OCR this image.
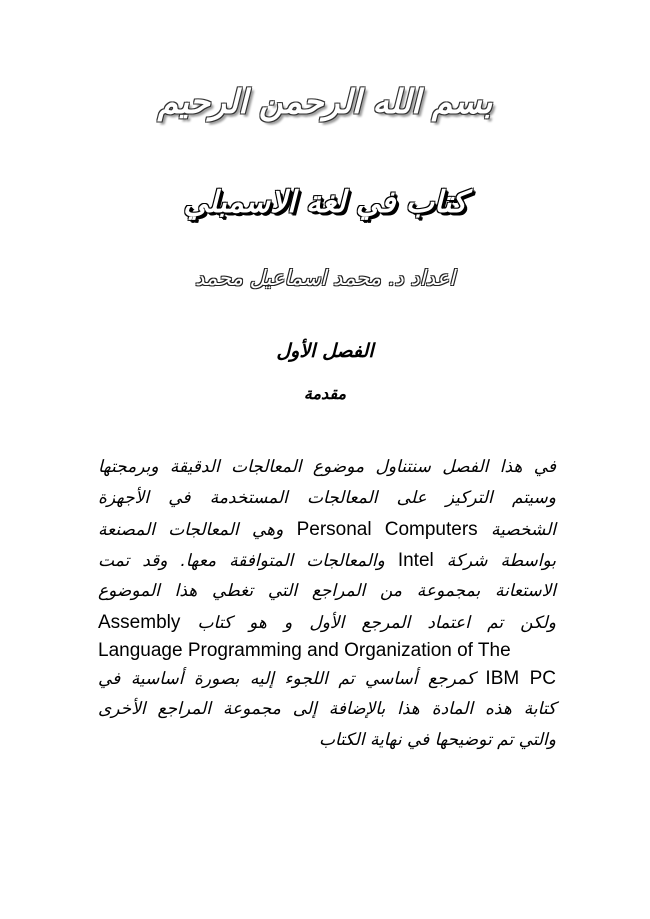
بسم الله الرحمن الرحيم
كتاب في لغة الاسمبلي
اعداد د. محمد اسماعيل محمد
الفصل الأول
مقدمة
في هذا الفصل سنتناول موضوع المعالجات الدقيقة وبرمجتها
وسيتم التركيز على المعالجات المستخدمة في الأجهزة
الشخصية Personal Computers وهي المعالجات المصنعة
بواسطة شركة Intel والمعالجات المتوافقة معها. وقد تمت
الاستعانة بمجموعة من المراجع التي تغطي هذا الموضوع
ولكن تم اعتماد المرجع الأول و هو كتاب Assembly
Language Programming and Organization of The
IBM PC كمرجع أساسي تم اللجوء إليه بصورة أساسية في
كتابة هذه المادة هذا بالإضافة إلى مجموعة المراجع الأخرى
والتي تم توضيحها في نهاية الكتاب
